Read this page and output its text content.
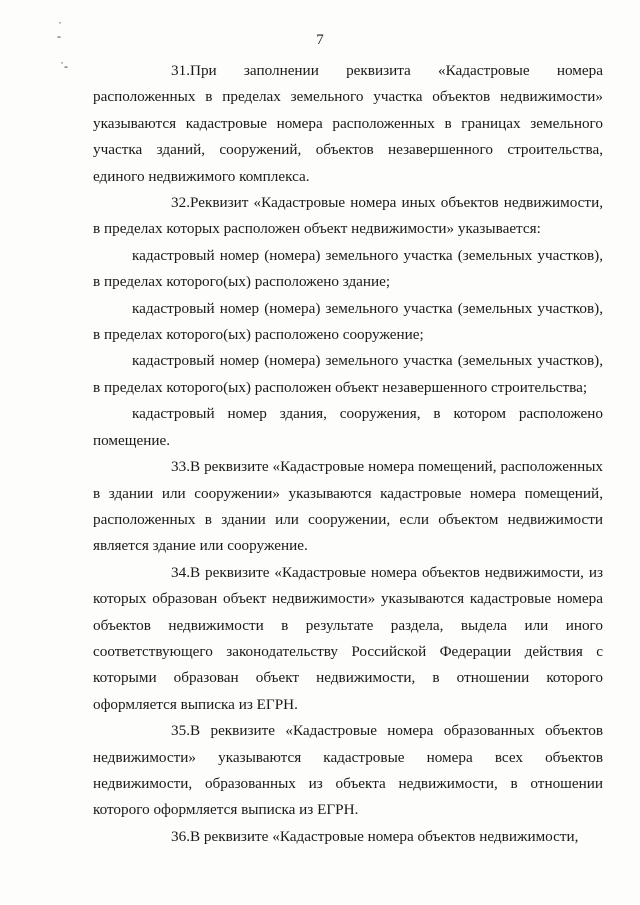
7
˙
-
˙-	31.При заполнении реквизита «Кадастровые номера расположенных в пределах земельного участка объектов недвижимости» указываются кадастровые номера расположенных в границах земельного участка зданий, сооружений, объектов незавершенного строительства, единого недвижимого комплекса.

32.Реквизит «Кадастровые номера иных объектов недвижимости, в пределах которых расположен объект недвижимости» указывается:

кадастровый номер (номера) земельного участка (земельных участков), в пределах которого(ых) расположено здание;

кадастровый номер (номера) земельного участка (земельных участков), в пределах которого(ых) расположено сооружение;

кадастровый номер (номера) земельного участка (земельных участков), в пределах которого(ых) расположен объект незавершенного строительства;

кадастровый номер здания, сооружения, в котором расположено помещение.

33.В реквизите «Кадастровые номера помещений, расположенных в здании или сооружении» указываются кадастровые номера помещений, расположенных в здании или сооружении, если объектом недвижимости является здание или сооружение.

34.В реквизите «Кадастровые номера объектов недвижимости, из которых образован объект недвижимости» указываются кадастровые номера объектов недвижимости в результате раздела, выдела или иного соответствующего законодательству Российской Федерации действия с которыми образован объект недвижимости, в отношении которого оформляется выписка из ЕГРН.

35.В реквизите «Кадастровые номера образованных объектов недвижимости» указываются кадастровые номера всех объектов недвижимости, образованных из объекта недвижимости, в отношении которого оформляется выписка из ЕГРН.

36.В реквизите «Кадастровые номера объектов недвижимости,
